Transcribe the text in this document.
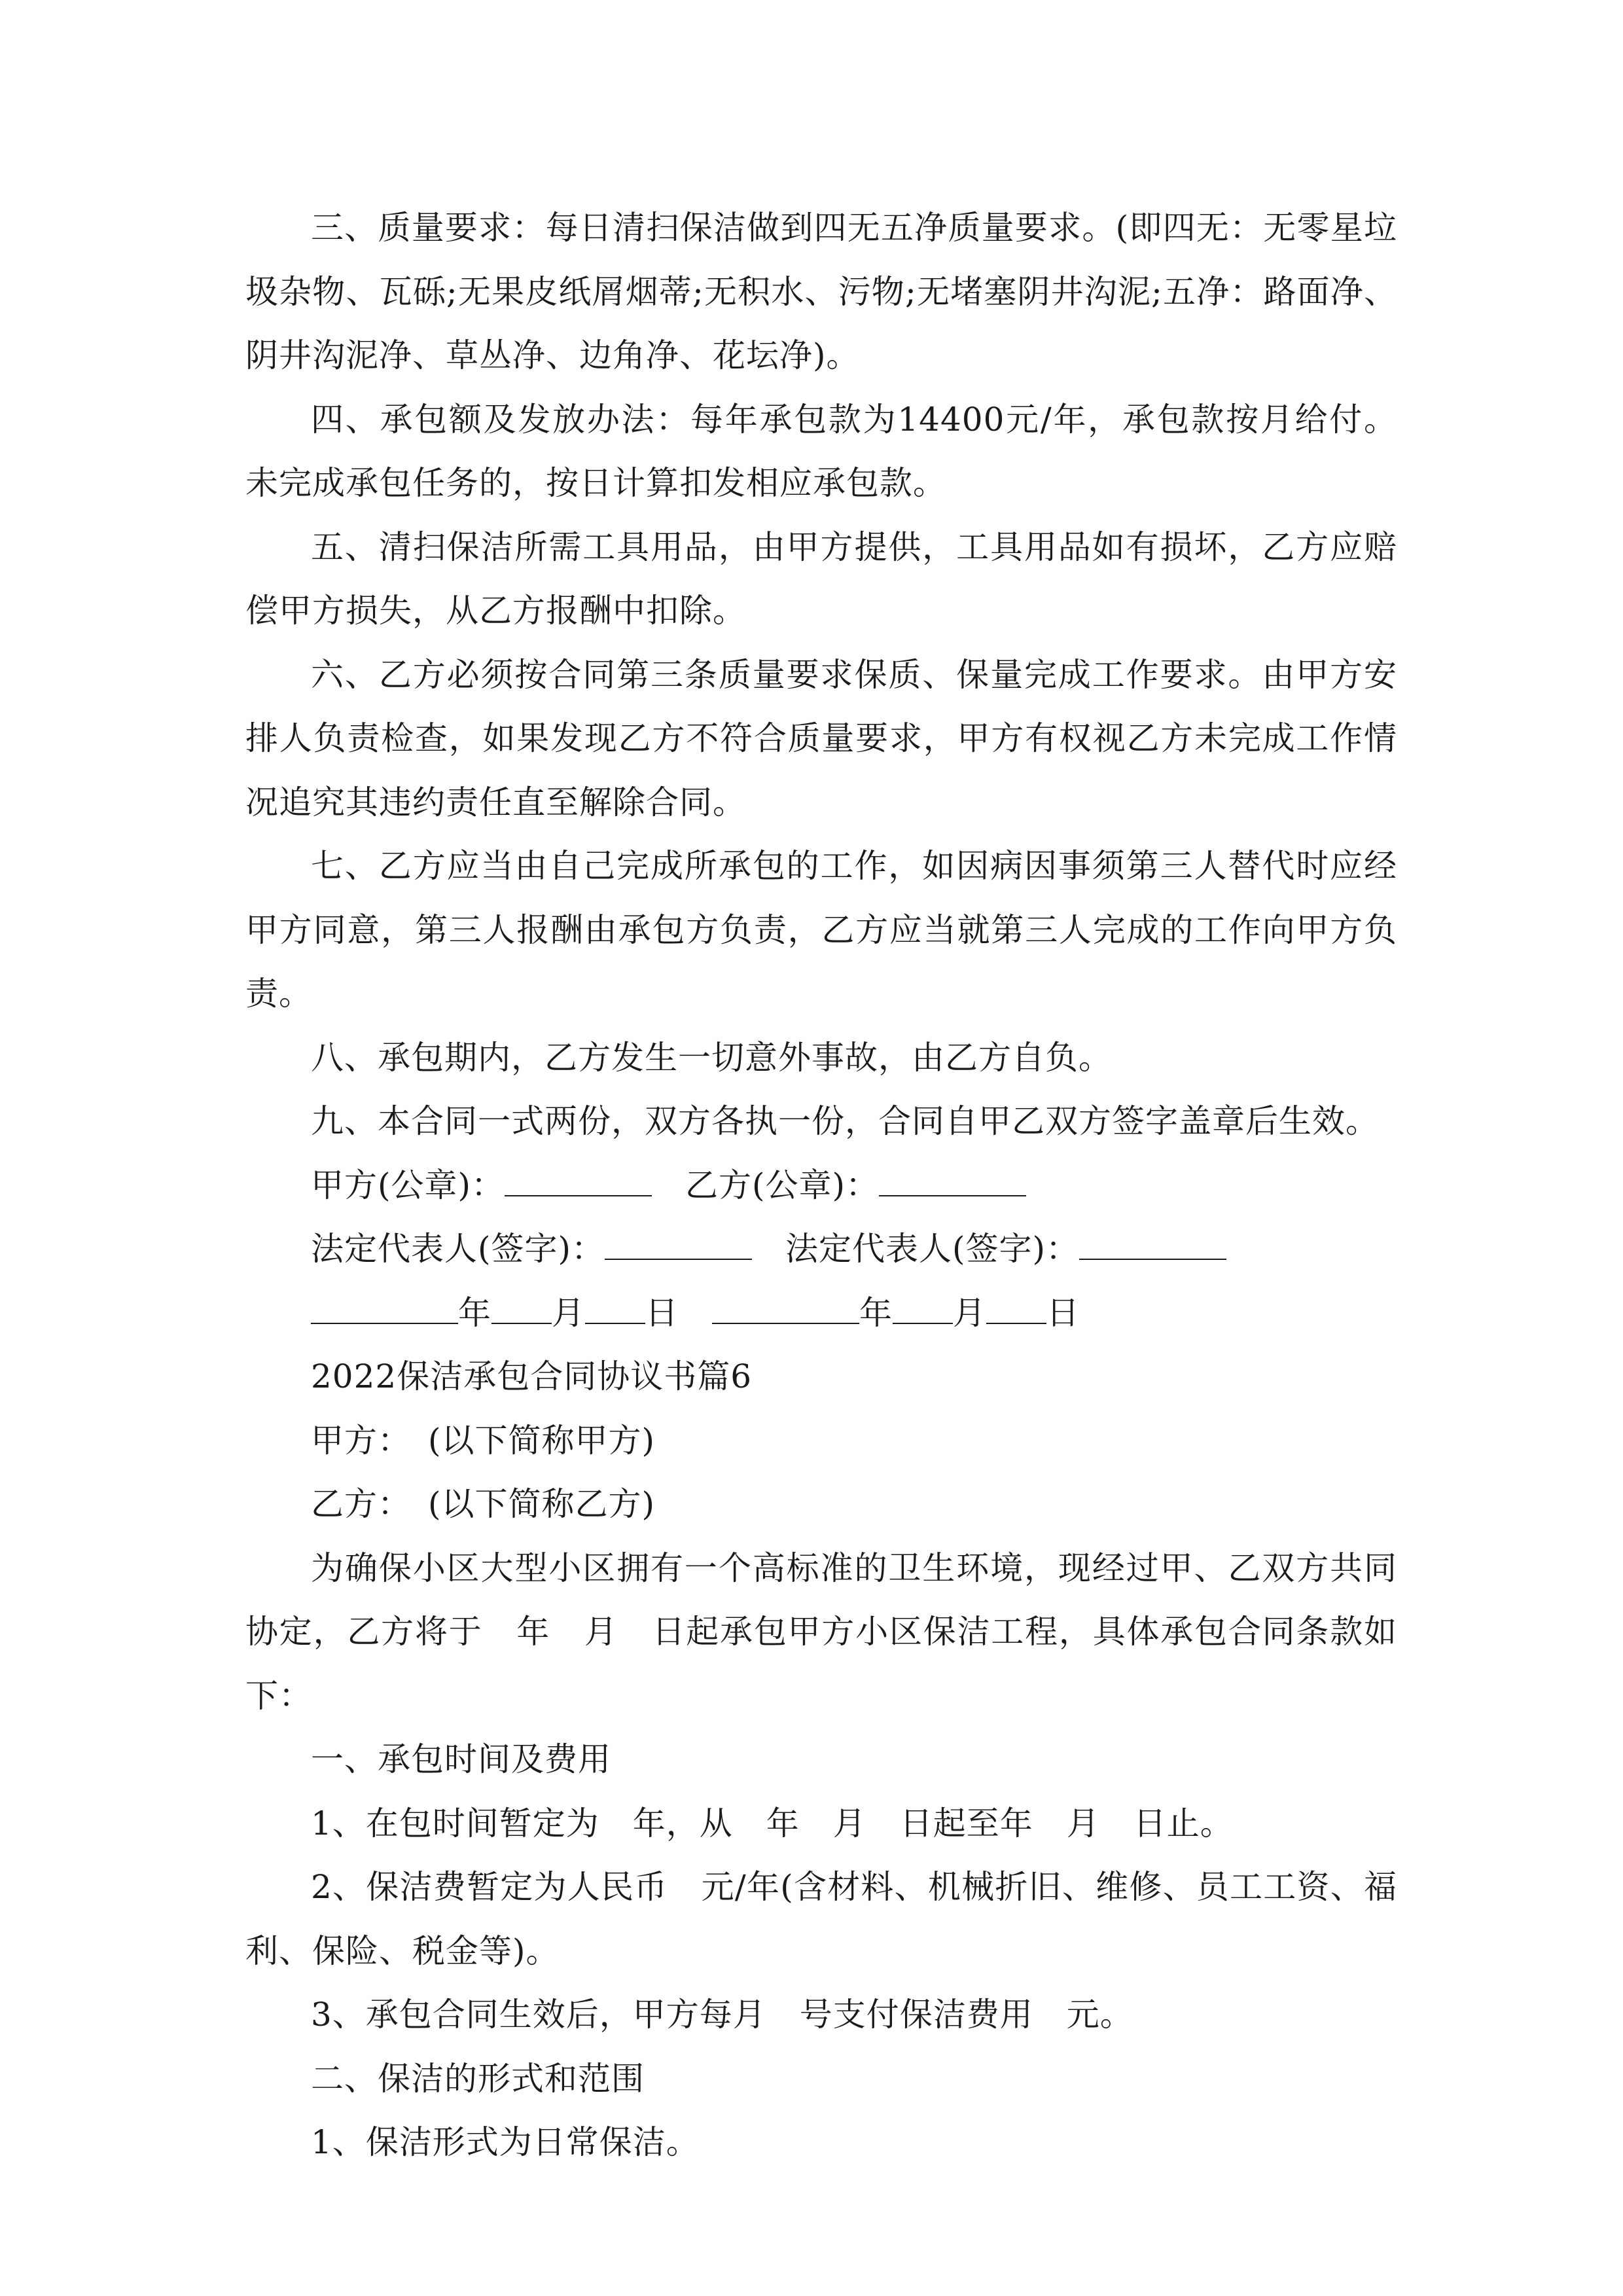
三、质量要求：每日清扫保洁做到四无五净质量要求。(即四无：无零星垃圾杂物、瓦砾;无果皮纸屑烟蒂;无积水、污物;无堵塞阴井沟泥;五净：路面净、阴井沟泥净、草丛净、边角净、花坛净)。

四、承包额及发放办法：每年承包款为14400元/年，承包款按月给付。未完成承包任务的，按日计算扣发相应承包款。

五、清扫保洁所需工具用品，由甲方提供，工具用品如有损坏，乙方应赔偿甲方损失，从乙方报酬中扣除。

六、乙方必须按合同第三条质量要求保质、保量完成工作要求。由甲方安排人负责检查，如果发现乙方不符合质量要求，甲方有权视乙方未完成工作情况追究其违约责任直至解除合同。

七、乙方应当由自己完成所承包的工作，如因病因事须第三人替代时应经甲方同意，第三人报酬由承包方负责，乙方应当就第三人完成的工作向甲方负责。

八、承包期内，乙方发生一切意外事故，由乙方自负。

九、本合同一式两份，双方各执一份，合同自甲乙双方签字盖章后生效。

甲方(公章)：　	乙方(公章)：

法定代表人(签字)：　	法定代表人(签字)：

年 月 日　	年 月 日

2022保洁承包合同协议书篇6

甲方：　(以下简称甲方)

乙方：　(以下简称乙方)

为确保小区大型小区拥有一个高标准的卫生环境，现经过甲、乙双方共同协定，乙方将于　年　月　日起承包甲方小区保洁工程，具体承包合同条款如下：

一、承包时间及费用

1、在包时间暂定为　年，从　年　月　日起至年　月　日止。

2、保洁费暂定为人民币　元/年(含材料、机械折旧、维修、员工工资、福利、保险、税金等)。

3、承包合同生效后，甲方每月　号支付保洁费用　元。

二、保洁的形式和范围

1、保洁形式为日常保洁。
